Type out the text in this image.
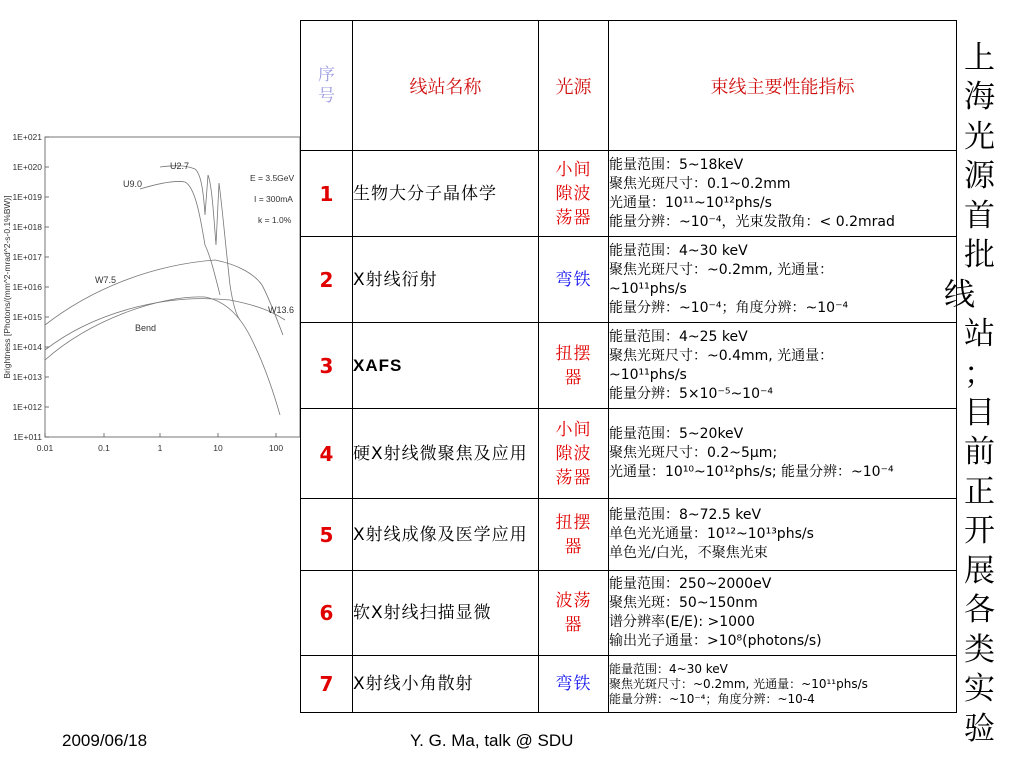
1E+021
1E+020
1E+019
1E+018
1E+017
1E+016
1E+015
1E+014
1E+013
1E+012
1E+011
0.01	0.1	1	10	100
Brightness [Photons/(mm^2-mrad^2-s-0.1%BW)]
U2.7
U9.0
W7.5
Bend
W13.6
E = 3.5GeV
I = 300mA
k = 1.0%
序
号	线站名称	光源	束线主要性能指标
1	生物大分子晶体学	小间隙波荡器	能量范围：5~18keV
聚焦光斑尺寸：0.1~0.2mm
光通量：10¹¹~10¹²phs/s
能量分辨：~10⁻⁴，光束发散角：< 0.2mrad

2	X射线衍射	弯铁	能量范围：4~30 keV
聚焦光斑尺寸：~0.2mm, 光通量：
~10¹¹phs/s
能量分辨：~10⁻⁴；角度分辨：~10⁻⁴

3	XAFS	扭摆器	能量范围：4~25 keV
聚焦光斑尺寸：~0.4mm, 光通量：
~10¹¹phs/s
能量分辨：5×10⁻⁵~10⁻⁴

4	硬X射线微聚焦及应用	小间隙波荡器	能量范围：5~20keV
聚焦光斑尺寸：0.2~5μm;
光通量：10¹⁰~10¹²phs/s; 能量分辨：~10⁻⁴

5	X射线成像及医学应用	扭摆器	能量范围：8~72.5 keV
单色光光通量：10¹²~10¹³phs/s
单色光/白光，不聚焦光束

6	软X射线扫描显微	波荡器	能量范围：250~2000eV
聚焦光斑：50~150nm
谱分辨率(E/E): >1000
输出光子通量：>10⁸(photons/s)

7	X射线小角散射	弯铁	能量范围：4~30 keV
聚焦光斑尺寸：~0.2mm, 光通量：~10¹¹phs/s
能量分辨：~10⁻⁴；角度分辨：~10-4
上
海
光
源
首
批
线
站
；
目
前
正
开
展
各
类
实
验
2009/06/18	Y. G. Ma, talk @ SDU
